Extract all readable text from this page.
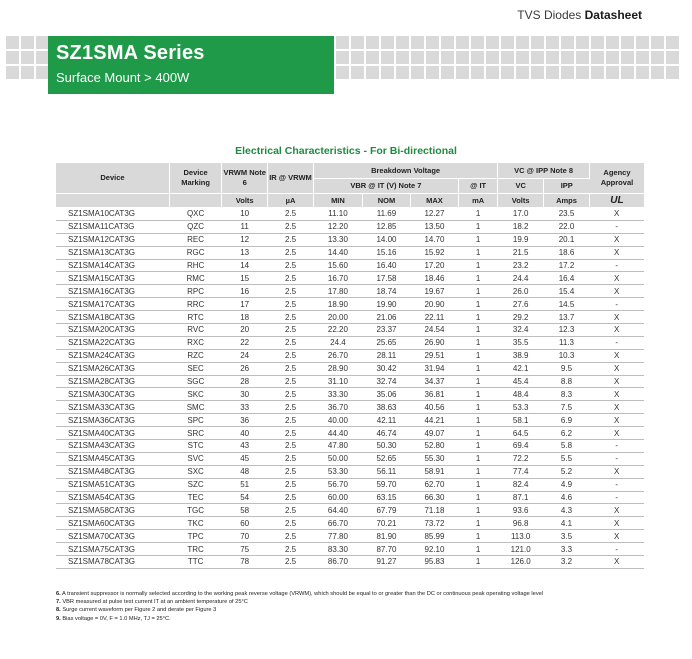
TVS Diodes Datasheet
SZ1SMA Series
Surface Mount > 400W
Electrical Characteristics - For Bi-directional
Device	Device Marking	VRWM Note 6	IR @ VRWM	Breakdown Voltage				VC @ IPP Note 8		Agency Approval
				VBR @ IT (V) Note 7			@ IT	VC	IPP	
		Volts	µA	MIN	NOM	MAX	mA	Volts	Amps	UL
SZ1SMA10CAT3G	QXC	10	2.5	11.10	11.69	12.27	1	17.0	23.5	X
SZ1SMA11CAT3G	QZC	11	2.5	12.20	12.85	13.50	1	18.2	22.0	-
SZ1SMA12CAT3G	REC	12	2.5	13.30	14.00	14.70	1	19.9	20.1	X
SZ1SMA13CAT3G	RGC	13	2.5	14.40	15.16	15.92	1	21.5	18.6	X
SZ1SMA14CAT3G	RHC	14	2.5	15.60	16.40	17.20	1	23.2	17.2	-
SZ1SMA15CAT3G	RMC	15	2.5	16.70	17.58	18.46	1	24.4	16.4	X
SZ1SMA16CAT3G	RPC	16	2.5	17.80	18.74	19.67	1	26.0	15.4	X
SZ1SMA17CAT3G	RRC	17	2.5	18.90	19.90	20.90	1	27.6	14.5	-
SZ1SMA18CAT3G	RTC	18	2.5	20.00	21.06	22.11	1	29.2	13.7	X
SZ1SMA20CAT3G	RVC	20	2.5	22.20	23.37	24.54	1	32.4	12.3	X
SZ1SMA22CAT3G	RXC	22	2.5	24.4	25.65	26.90	1	35.5	11.3	-
SZ1SMA24CAT3G	RZC	24	2.5	26.70	28.11	29.51	1	38.9	10.3	X
SZ1SMA26CAT3G	SEC	26	2.5	28.90	30.42	31.94	1	42.1	9.5	X
SZ1SMA28CAT3G	SGC	28	2.5	31.10	32.74	34.37	1	45.4	8.8	X
SZ1SMA30CAT3G	SKC	30	2.5	33.30	35.06	36.81	1	48.4	8.3	X
SZ1SMA33CAT3G	SMC	33	2.5	36.70	38.63	40.56	1	53.3	7.5	X
SZ1SMA36CAT3G	SPC	36	2.5	40.00	42.11	44.21	1	58.1	6.9	X
SZ1SMA40CAT3G	SRC	40	2.5	44.40	46.74	49.07	1	64.5	6.2	X
SZ1SMA43CAT3G	STC	43	2.5	47.80	50.30	52.80	1	69.4	5.8	-
SZ1SMA45CAT3G	SVC	45	2.5	50.00	52.65	55.30	1	72.2	5.5	-
SZ1SMA48CAT3G	SXC	48	2.5	53.30	56.11	58.91	1	77.4	5.2	X
SZ1SMA51CAT3G	SZC	51	2.5	56.70	59.70	62.70	1	82.4	4.9	-
SZ1SMA54CAT3G	TEC	54	2.5	60.00	63.15	66.30	1	87.1	4.6	-
SZ1SMA58CAT3G	TGC	58	2.5	64.40	67.79	71.18	1	93.6	4.3	X
SZ1SMA60CAT3G	TKC	60	2.5	66.70	70.21	73.72	1	96.8	4.1	X
SZ1SMA70CAT3G	TPC	70	2.5	77.80	81.90	85.99	1	113.0	3.5	X
SZ1SMA75CAT3G	TRC	75	2.5	83.30	87.70	92.10	1	121.0	3.3	-
SZ1SMA78CAT3G	TTC	78	2.5	86.70	91.27	95.83	1	126.0	3.2	X

6. A transient suppressor is normally selected according to the working peak reverse voltage (VRWM), which should be equal to or greater than the DC or continuous peak operating voltage level

7. VBR measured at pulse test current IT at an ambient temperature of 25°C

8. Surge current waveform per Figure 2 and derate per Figure 3

9. Bias voltage = 0V, F = 1.0 MHz, TJ = 25°C.
